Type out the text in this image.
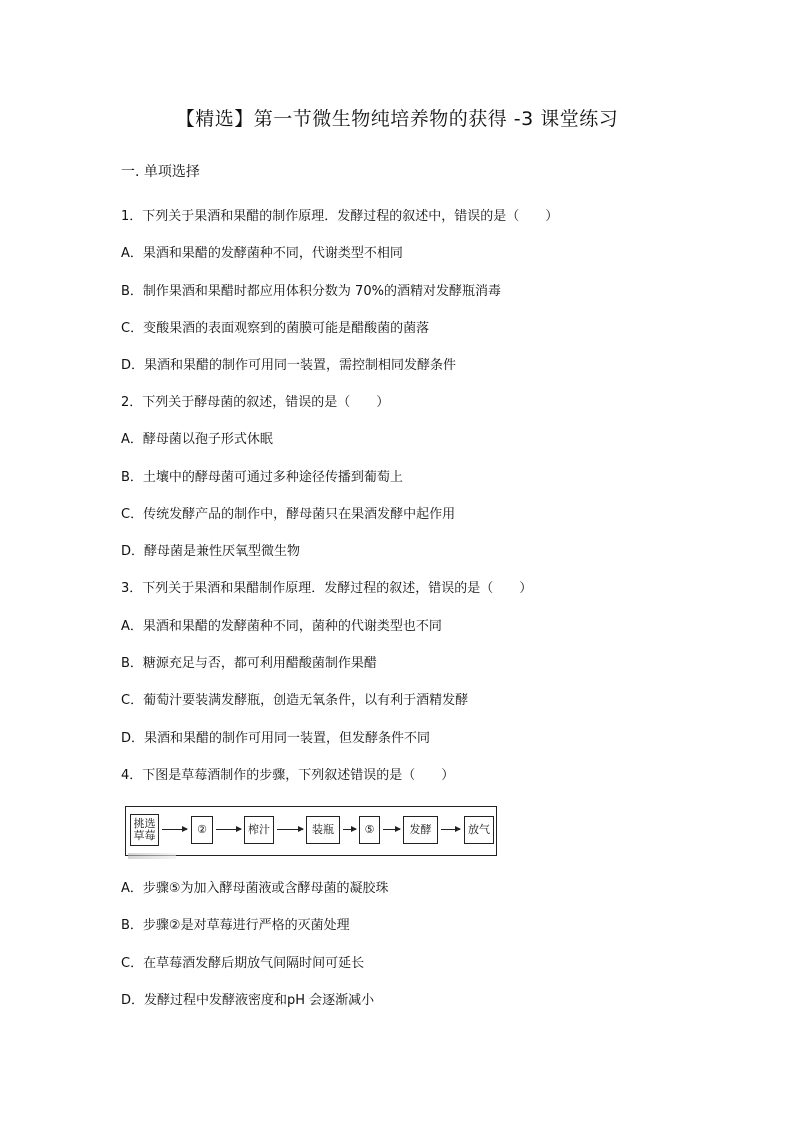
【精选】第一节微生物纯培养物的获得 -3 课堂练习
一. 单项选择
1．下列关于果酒和果醋的制作原理．发酵过程的叙述中，错误的是（　　）
A．果酒和果醋的发酵菌种不同，代谢类型不相同
B．制作果酒和果醋时都应用体积分数为 70%的酒精对发酵瓶消毒
C．变酸果酒的表面观察到的菌膜可能是醋酸菌的菌落
D．果酒和果醋的制作可用同一装置，需控制相同发酵条件
2．下列关于酵母菌的叙述，错误的是（　　）
A．酵母菌以孢子形式休眠
B．土壤中的酵母菌可通过多种途径传播到葡萄上
C．传统发酵产品的制作中，酵母菌只在果酒发酵中起作用
D．酵母菌是兼性厌氧型微生物
3．下列关于果酒和果醋制作原理．发酵过程的叙述，错误的是（　　）
A．果酒和果醋的发酵菌种不同，菌种的代谢类型也不同
B．糖源充足与否，都可利用醋酸菌制作果醋
C．葡萄汁要装满发酵瓶，创造无氧条件，以有利于酒精发酵
D．果酒和果醋的制作可用同一装置，但发酵条件不同
4．下图是草莓酒制作的步骤，下列叙述错误的是（　　）
挑选
草莓	②	榨汁	装瓶	⑤	发酵	放气
A．步骤⑤为加入酵母菌液或含酵母菌的凝胶珠
B．步骤②是对草莓进行严格的灭菌处理
C．在草莓酒发酵后期放气间隔时间可延长
D．发酵过程中发酵液密度和pH 会逐渐减小
